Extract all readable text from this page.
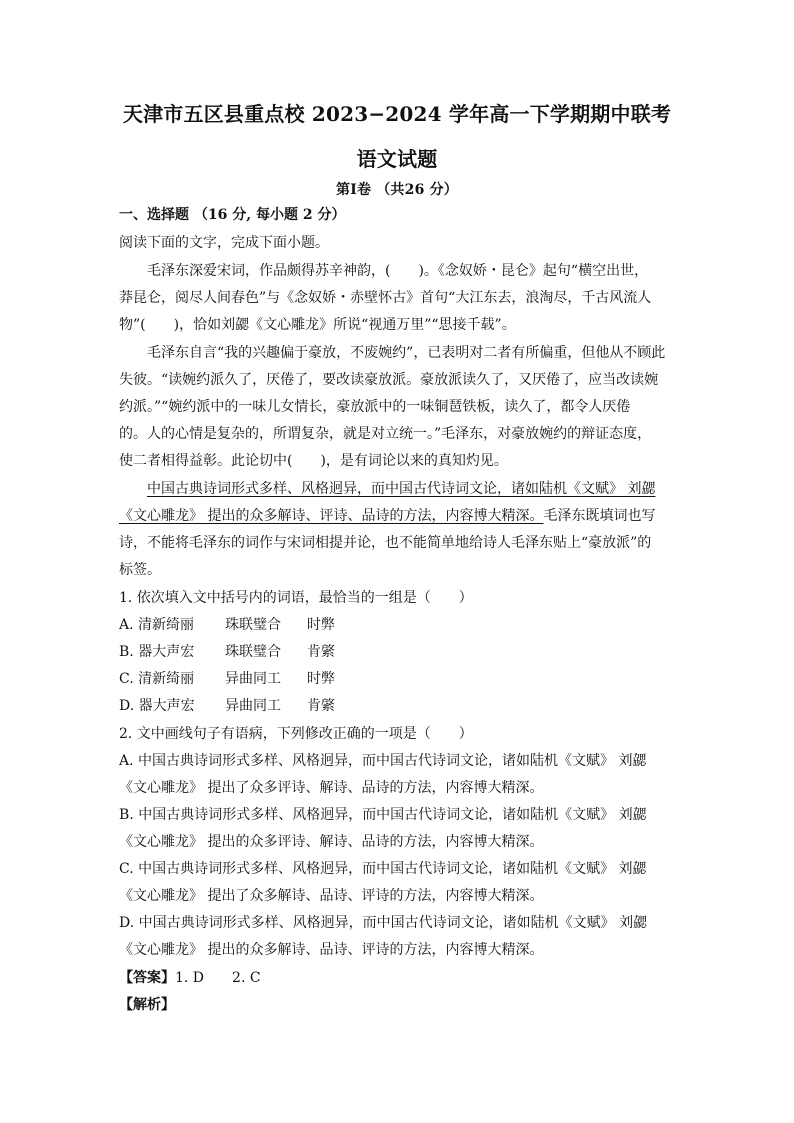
天津市五区县重点校 2023−2024 学年高一下学期期中联考
语文试题
第Ⅰ卷 （共26 分）
一、选择题 （16 分, 每小题 2 分）
阅读下面的文字，完成下面小题。
毛泽东深爱宋词，作品颇得苏辛神韵，(　　)。《念奴娇・昆仑》起句“横空出世，
莽昆仑，阅尽人间春色”与《念奴娇・赤壁怀古》首句“大江东去，浪淘尽，千古风流人
物”(　　)，恰如刘勰《文心雕龙》所说“视通万里”“思接千载”。
毛泽东自言“我的兴趣偏于豪放，不废婉约”，已表明对二者有所偏重，但他从不顾此
失彼。“读婉约派久了，厌倦了，要改读豪放派。豪放派读久了，又厌倦了，应当改读婉
约派。”“婉约派中的一味儿女情长，豪放派中的一味铜琶铁板，读久了，都令人厌倦
的。人的心情是复杂的，所谓复杂，就是对立统一。”毛泽东，对豪放婉约的辩证态度，
使二者相得益彰。此论切中(　　)，是有词论以来的真知灼见。
中国古典诗词形式多样、风格迥异，而中国古代诗词文论，诸如陆机《文赋》 刘勰
《文心雕龙》 提出的众多解诗、评诗、品诗的方法，内容博大精深。毛泽东既填词也写
诗，不能将毛泽东的词作与宋词相提并论，也不能简单地给诗人毛泽东贴上“豪放派”的
标签。
1. 依次填入文中括号内的词语，最恰当的一组是（　　）
A. 清新绮丽 珠联璧合 时弊
B. 器大声宏 珠联璧合 肯綮
C. 清新绮丽 异曲同工 时弊
D. 器大声宏 异曲同工 肯綮
2. 文中画线句子有语病，下列修改正确的一项是（　　）
A. 中国古典诗词形式多样、风格迥异，而中国古代诗词文论，诸如陆机《文赋》 刘勰
《文心雕龙》 提出了众多评诗、解诗、品诗的方法，内容博大精深。
B. 中国古典诗词形式多样、风格迥异，而中国古代诗词文论，诸如陆机《文赋》 刘勰
《文心雕龙》 提出的众多评诗、解诗、品诗的方法，内容博大精深。
C. 中国古典诗词形式多样、风格迥异，而中国古代诗词文论，诸如陆机《文赋》 刘勰
《文心雕龙》 提出了众多解诗、品诗、评诗的方法，内容博大精深。
D. 中国古典诗词形式多样、风格迥异，而中国古代诗词文论，诸如陆机《文赋》 刘勰
《文心雕龙》 提出的众多解诗、品诗、评诗的方法，内容博大精深。
【答案】1. D　　2. C
【解析】
